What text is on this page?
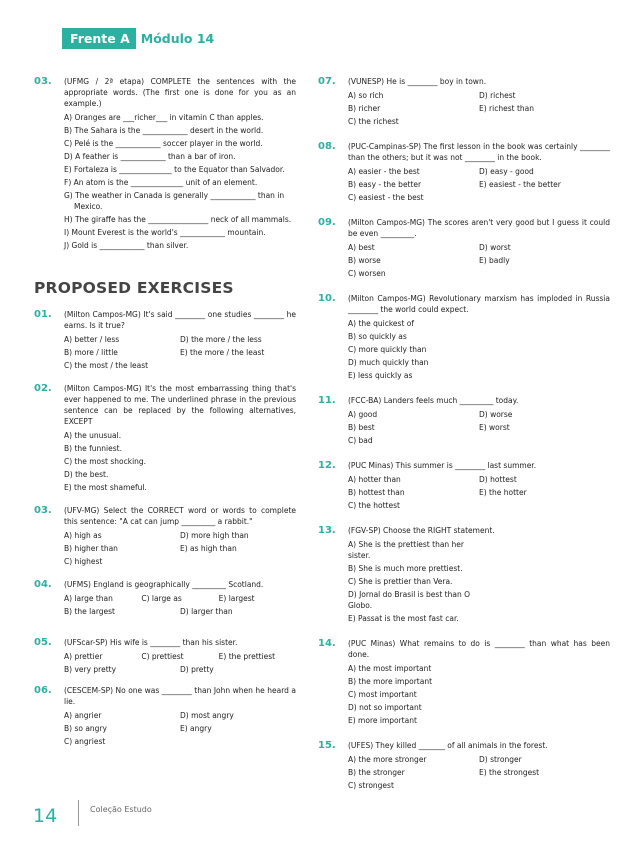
Frente A Módulo 14
03. (UFMG / 2ª etapa) COMPLETE the sentences with the appropriate words. (The first one is done for you as an example.)
A) Oranges are ___richer___ in vitamin C than apples.
B) The Sahara is the ____________ desert in the world.
C) Pelé is the ____________ soccer player in the world.
D) A feather is ____________ than a bar of iron.
E) Fortaleza is ______________ to the Equator than Salvador.
F) An atom is the ______________ unit of an element.
G) The weather in Canada is generally ____________ than in Mexico.
H) The giraffe has the ________________ neck of all mammals.
I) Mount Everest is the world's ____________ mountain.
J) Gold is ____________ than silver.
PROPOSED EXERCISES
01. (Milton Campos-MG) It's said ________ one studies ________ he earns. Is it true?
A) better / less	D) the more / the less
B) more / little	E) the more / the least
C) the most / the least
02. (Milton Campos-MG) It's the most embarrassing thing that's ever happened to me. The underlined phrase in the previous sentence can be replaced by the following alternatives, EXCEPT
A) the unusual.
B) the funniest.
C) the most shocking.
D) the best.
E) the most shameful.
03. (UFV-MG) Select the CORRECT word or words to complete this sentence: "A cat can jump _________ a rabbit."
A) high as	D) more high than
B) higher than	E) as high than
C) highest
04. (UFMS) England is geographically _________ Scotland.
A) large than	C) large as	E) largest
B) the largest	D) larger than
05. (UFScar-SP) His wife is ________ than his sister.
A) prettier	C) prettiest	E) the prettiest
B) very pretty	D) pretty
06. (CESCEM-SP) No one was ________ than John when he heard a lie.
A) angrier	D) most angry
B) so angry	E) angry
C) angriest
07. (VUNESP) He is ________ boy in town.
A) so rich	D) richest
B) richer	E) richest than
C) the richest
08. (PUC-Campinas-SP) The first lesson in the book was certainly ________ than the others; but it was not ________ in the book.
A) easier - the best	D) easy - good
B) easy - the better	E) easiest - the better
C) easiest - the best
09. (Milton Campos-MG) The scores aren't very good but I guess it could be even _________.
A) best	D) worst
B) worse	E) badly
C) worsen
10. (Milton Campos-MG) Revolutionary marxism has imploded in Russia ________ the world could expect.
A) the quickest of
B) so quickly as
C) more quickly than
D) much quickly than
E) less quickly as
11. (FCC-BA) Landers feels much _________ today.
A) good	D) worse
B) best	E) worst
C) bad
12. (PUC Minas) This summer is ________ last summer.
A) hotter than	D) hottest
B) hottest than	E) the hotter
C) the hottest
13. (FGV-SP) Choose the RIGHT statement.
A) She is the prettiest than her sister.
B) She is much more prettiest.
C) She is prettier than Vera.
D) Jornal do Brasil is best than O Globo.
E) Passat is the most fast car.
14. (PUC Minas) What remains to do is ________ than what has been done.
A) the most important
B) the more important
C) most important
D) not so important
E) more important
15. (UFES) They killed _______ of all animals in the forest.
A) the more stronger	D) stronger
B) the stronger	E) the strongest
C) strongest
14	Coleção Estudo
